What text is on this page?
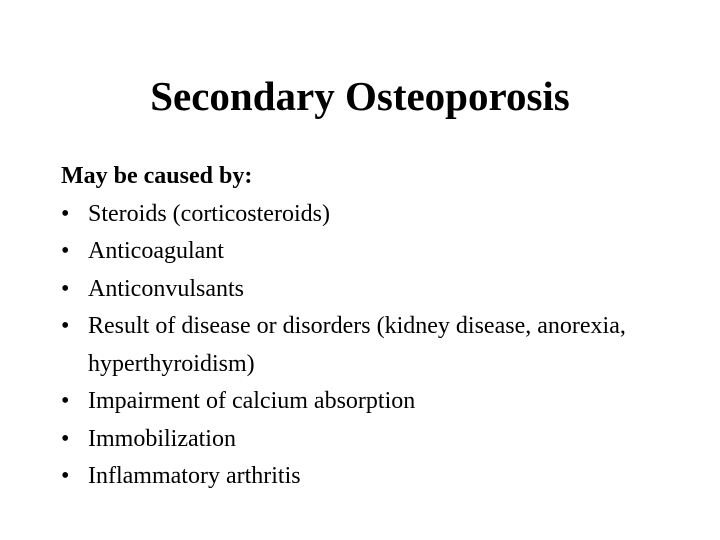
Secondary Osteoporosis

May be caused by:

• Steroids (corticosteroids)
• Anticoagulant
• Anticonvulsants
• Result of disease or disorders (kidney disease, anorexia, hyperthyroidism)
• Impairment of calcium absorption
• Immobilization
• Inflammatory arthritis
